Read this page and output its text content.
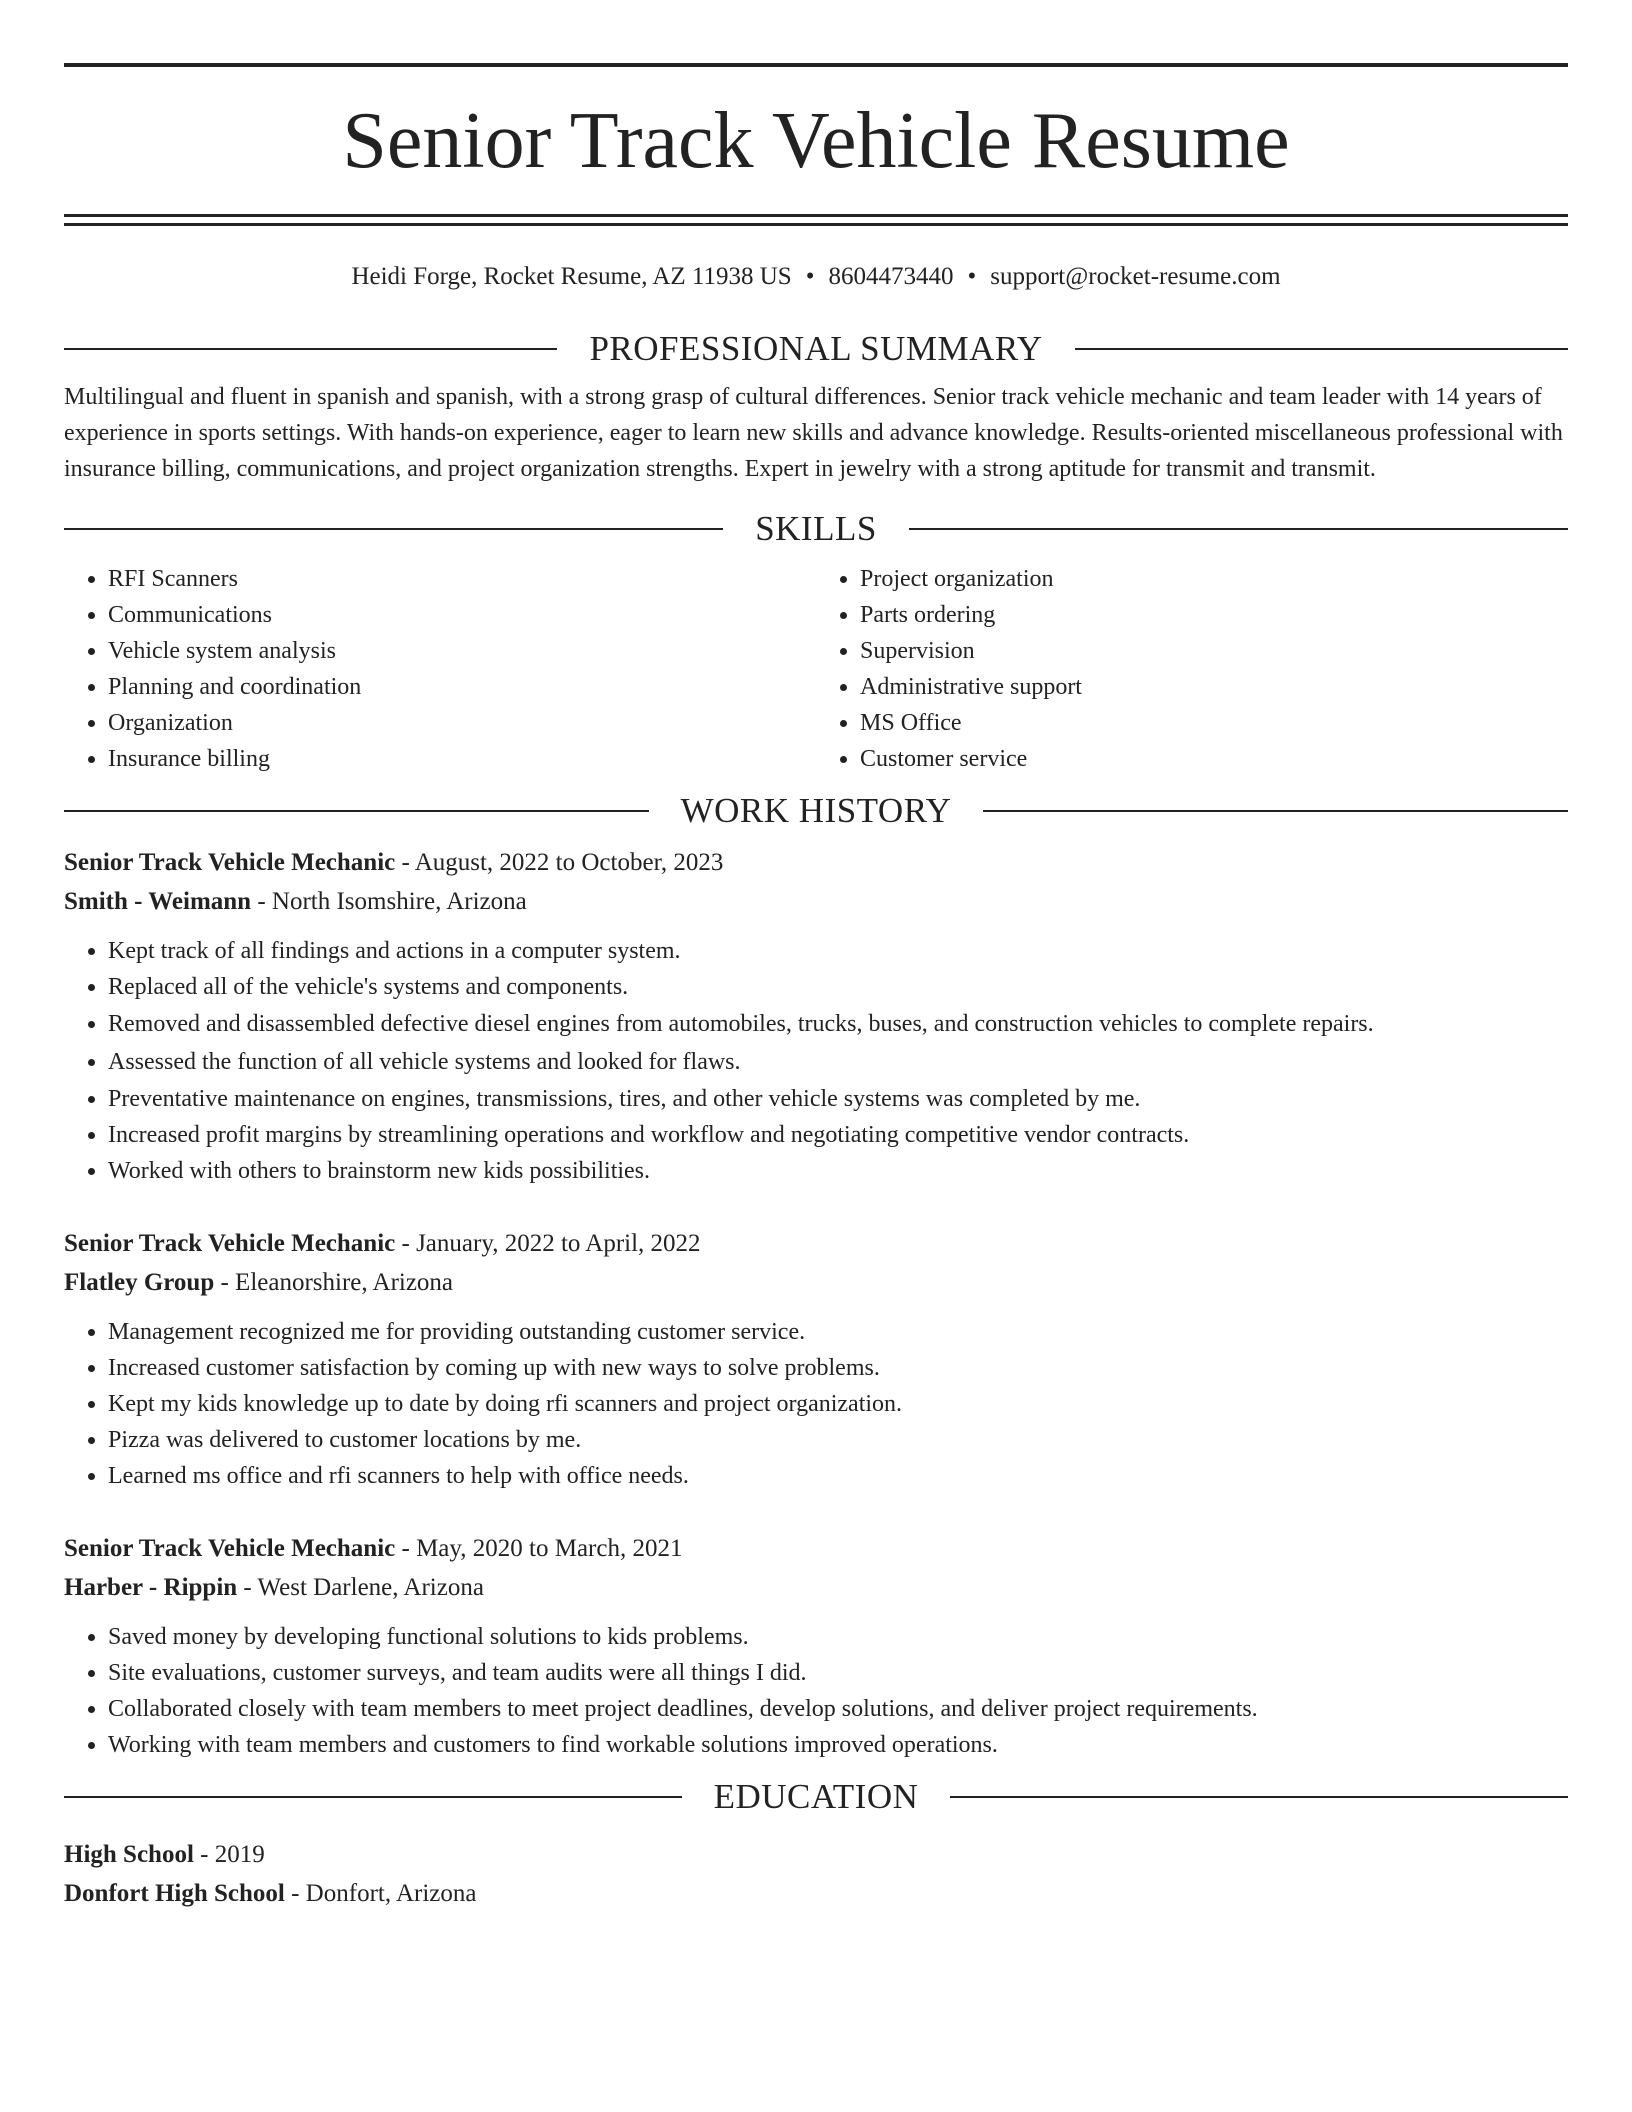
Senior Track Vehicle Resume
Heidi Forge, Rocket Resume, AZ 11938 US • 8604473440 • support@rocket-resume.com
PROFESSIONAL SUMMARY
Multilingual and fluent in spanish and spanish, with a strong grasp of cultural differences. Senior track vehicle mechanic and team leader with 14 years of experience in sports settings. With hands-on experience, eager to learn new skills and advance knowledge. Results-oriented miscellaneous professional with insurance billing, communications, and project organization strengths. Expert in jewelry with a strong aptitude for transmit and transmit.
SKILLS
• RFI Scanners
• Communications
• Vehicle system analysis
• Planning and coordination
• Organization
• Insurance billing
• Project organization
• Parts ordering
• Supervision
• Administrative support
• MS Office
• Customer service
WORK HISTORY
Senior Track Vehicle Mechanic - August, 2022 to October, 2023
Smith - Weimann - North Isomshire, Arizona
• Kept track of all findings and actions in a computer system.
• Replaced all of the vehicle's systems and components.
• Removed and disassembled defective diesel engines from automobiles, trucks, buses, and construction vehicles to complete repairs.
• Assessed the function of all vehicle systems and looked for flaws.
• Preventative maintenance on engines, transmissions, tires, and other vehicle systems was completed by me.
• Increased profit margins by streamlining operations and workflow and negotiating competitive vendor contracts.
• Worked with others to brainstorm new kids possibilities.
Senior Track Vehicle Mechanic - January, 2022 to April, 2022
Flatley Group - Eleanorshire, Arizona
• Management recognized me for providing outstanding customer service.
• Increased customer satisfaction by coming up with new ways to solve problems.
• Kept my kids knowledge up to date by doing rfi scanners and project organization.
• Pizza was delivered to customer locations by me.
• Learned ms office and rfi scanners to help with office needs.
Senior Track Vehicle Mechanic - May, 2020 to March, 2021
Harber - Rippin - West Darlene, Arizona
• Saved money by developing functional solutions to kids problems.
• Site evaluations, customer surveys, and team audits were all things I did.
• Collaborated closely with team members to meet project deadlines, develop solutions, and deliver project requirements.
• Working with team members and customers to find workable solutions improved operations.
EDUCATION
High School - 2019
Donfort High School - Donfort, Arizona
